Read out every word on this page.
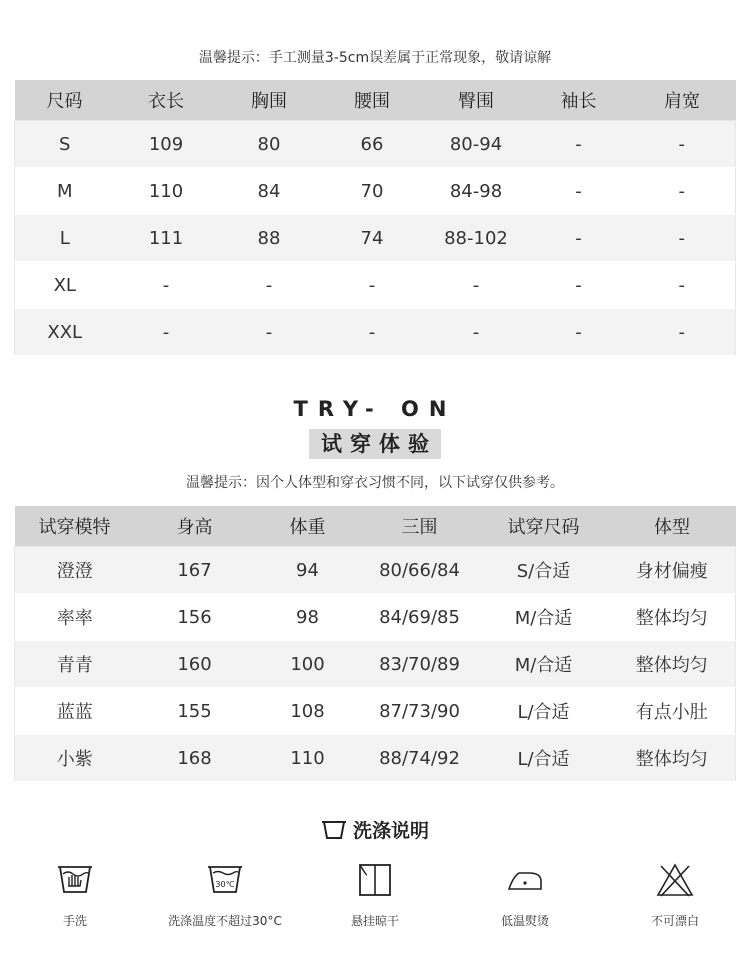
温馨提示：手工测量3-5cm误差属于正常现象，敬请谅解
尺码	衣长	胸围	腰围	臀围	袖长	肩宽
S	109	80	66	80-94	-	-
M	110	84	70	84-98	-	-
L	111	88	74	88-102	-	-
XL	-	-	-	-	-	-
XXL	-	-	-	-	-	-
TRY- ON
试穿体验
温馨提示：因个人体型和穿衣习惯不同，以下试穿仅供参考。
试穿模特	身高	体重	三围	试穿尺码	体型
澄澄	167	94	80/66/84	S/合适	身材偏瘦
率率	156	98	84/69/85	M/合适	整体均匀
青青	160	100	83/70/89	M/合适	整体均匀
蓝蓝	155	108	87/73/90	L/合适	有点小肚
小紫	168	110	88/74/92	L/合适	整体均匀
洗涤说明
手洗
30℃
洗涤温度不超过30°C	悬挂晾干	低温熨烫	不可漂白
